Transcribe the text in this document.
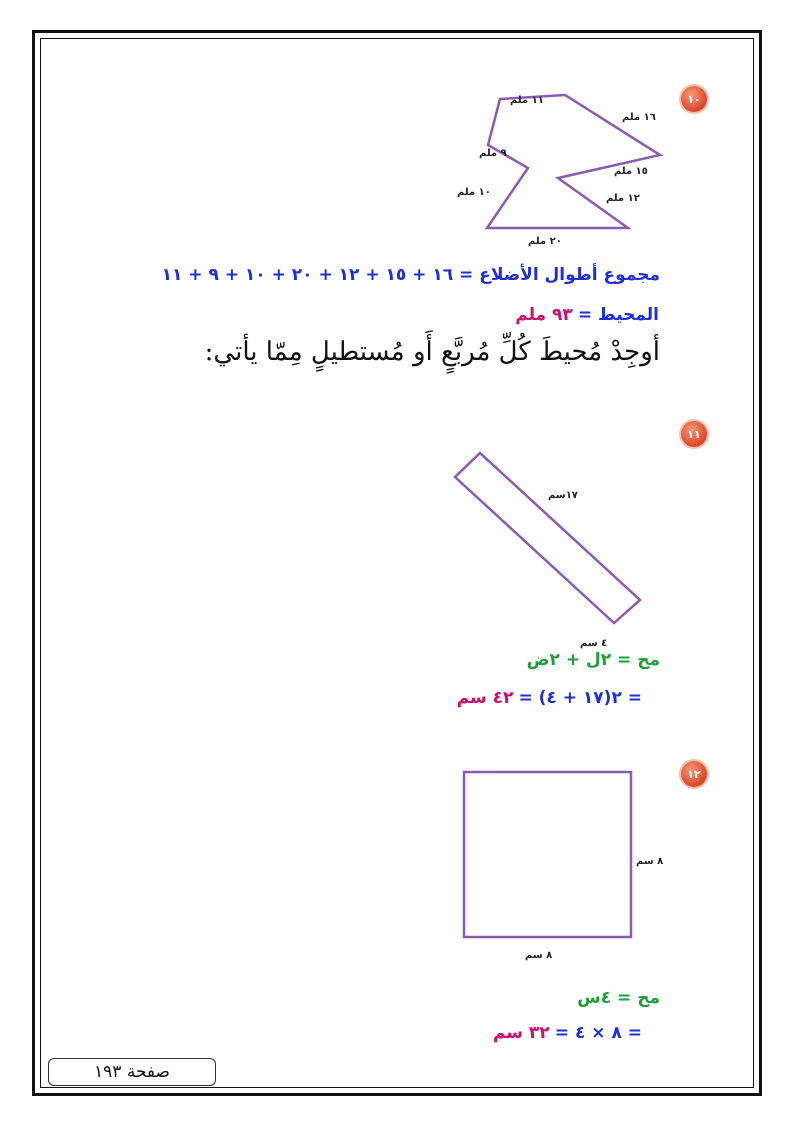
١٠
١١ ملم
١٦ ملم
٩ ملم
١٥ ملم
١٠ ملم
١٢ ملم
٢٠ ملم
مجموع أطوال الأضلاع = ١٦ + ١٥ + ١٢ + ٢٠ + ١٠ + ٩ + ١١
المحيط = ٩٣ ملم
أوجِدْ مُحيطَ كُلِّ مُربَّعٍ أَو مُستطيلٍ مِمّا يأتي:
١١
١٧سم
٤ سم
مح = ٢ل + ٢ض
= ٢(١٧ + ٤) = ٤٢ سم
١٢
٨ سم
٨ سم
مح = ٤س
= ٨ × ٤ = ٣٢ سم
صفحة ١٩٣
